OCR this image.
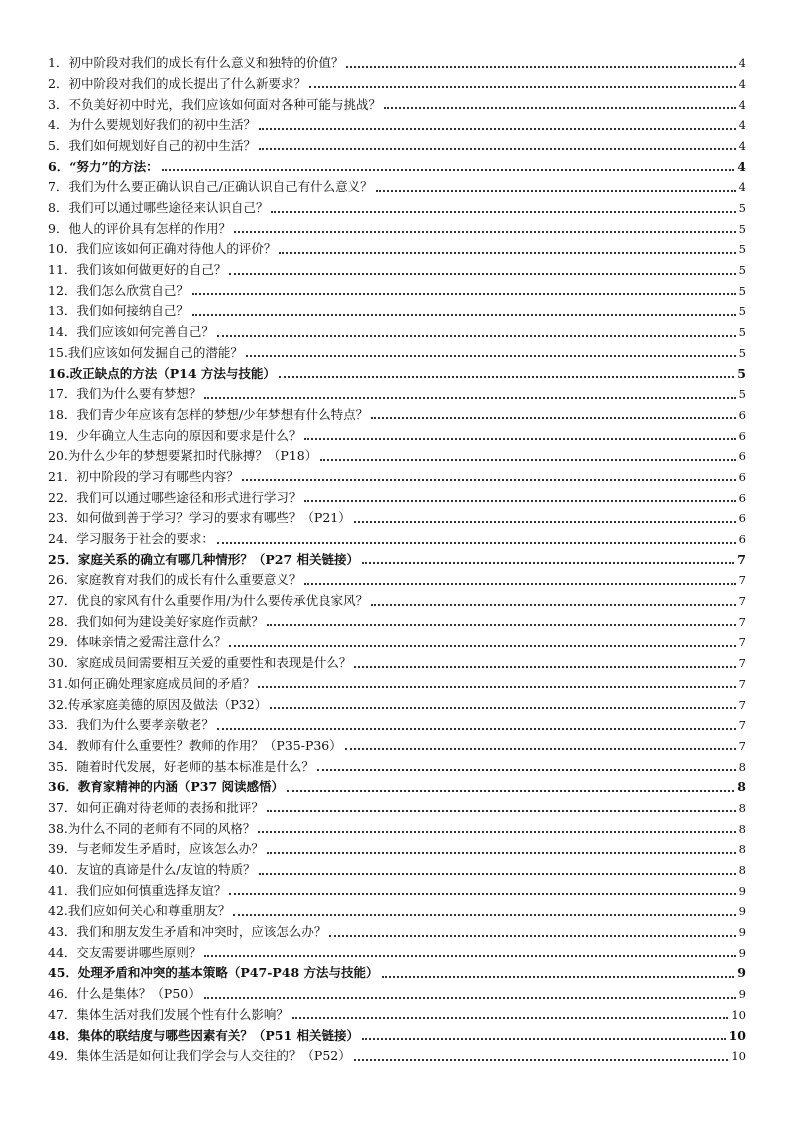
1． 初中阶段对我们的成长有什么意义和独特的价值？	4
2． 初中阶段对我们的成长提出了什么新要求？	4
3． 不负美好初中时光，我们应该如何面对各种可能与挑战？	4
4． 为什么要规划好我们的初中生活？	4
5． 我们如何规划好自己的初中生活？	4
6． “努力”的方法：	4
7． 我们为什么要正确认识自己/正确认识自己有什么意义？	4
8． 我们可以通过哪些途径来认识自己？	5
9． 他人的评价具有怎样的作用？	5
10． 我们应该如何正确对待他人的评价？	5
11． 我们该如何做更好的自己？	5
12． 我们怎么欣赏自己？	5
13． 我们如何接纳自己？	5
14． 我们应该如何完善自己？	5
15. 我们应该如何发掘自己的潜能？	5
16. 改正缺点的方法（P14 方法与技能）	5
17． 我们为什么要有梦想？	5
18． 我们青少年应该有怎样的梦想/少年梦想有什么特点？	6
19． 少年确立人生志向的原因和要求是什么？	6
20. 为什么少年的梦想要紧扣时代脉搏？（P18）	6
21． 初中阶段的学习有哪些内容？	6
22． 我们可以通过哪些途径和形式进行学习？	6
23． 如何做到善于学习？学习的要求有哪些？（P21）	6
24． 学习服务于社会的要求：	6
25． 家庭关系的确立有哪几种情形？（P27 相关链接）	7
26． 家庭教育对我们的成长有什么重要意义？	7
27． 优良的家风有什么重要作用/为什么要传承优良家风？	7
28． 我们如何为建设美好家庭作贡献？	7
29． 体味亲情之爱需注意什么？	7
30． 家庭成员间需要相互关爱的重要性和表现是什么？	7
31. 如何正确处理家庭成员间的矛盾？	7
32. 传承家庭美德的原因及做法（P32）	7
33． 我们为什么要孝亲敬老？	7
34． 教师有什么重要性？教师的作用？（P35-P36）	7
35． 随着时代发展，好老师的基本标准是什么？	8
36． 教育家精神的内涵（P37 阅读感悟）	8
37． 如何正确对待老师的表扬和批评？	8
38. 为什么不同的老师有不同的风格？	8
39． 与老师发生矛盾时，应该怎么办？	8
40． 友谊的真谛是什么/友谊的特质？	8
41． 我们应如何慎重选择友谊？	9
42. 我们应如何关心和尊重朋友？	9
43． 我们和朋友发生矛盾和冲突时，应该怎么办？	9
44． 交友需要讲哪些原则？	9
45． 处理矛盾和冲突的基本策略（P47-P48 方法与技能）	9
46． 什么是集体？（P50）	9
47． 集体生活对我们发展个性有什么影响？	10
48． 集体的联结度与哪些因素有关？（P51 相关链接）	10
49． 集体生活是如何让我们学会与人交往的？（P52）	10
